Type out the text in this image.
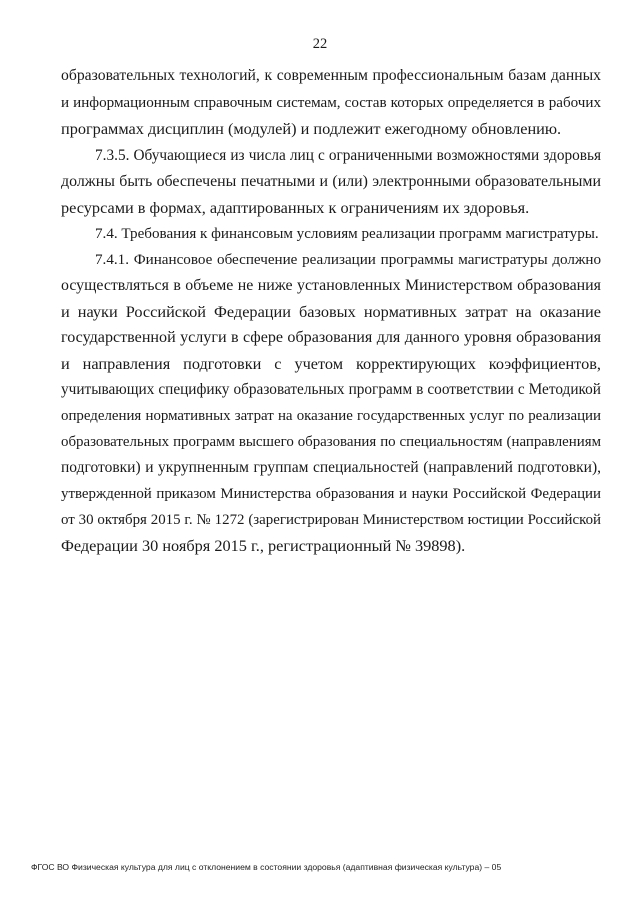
22
образовательных технологий, к современным профессиональным базам данных
и информационным справочным системам, состав которых определяется в рабочих
программах дисциплин (модулей) и подлежит ежегодному обновлению.
7.3.5. Обучающиеся из числа лиц с ограниченными возможностями здоровья
должны быть обеспечены печатными и (или) электронными образовательными
ресурсами в формах, адаптированных к ограничениям их здоровья.
7.4. Требования к финансовым условиям реализации программ магистратуры.
7.4.1. Финансовое обеспечение реализации программы магистратуры должно
осуществляться в объеме не ниже установленных Министерством образования
и науки Российской Федерации базовых нормативных затрат на оказание
государственной услуги в сфере образования для данного уровня образования
и направления подготовки с учетом корректирующих коэффициентов,
учитывающих специфику образовательных программ в соответствии с Методикой
определения нормативных затрат на оказание государственных услуг по реализации
образовательных программ высшего образования по специальностям (направлениям
подготовки) и укрупненным группам специальностей (направлений подготовки),
утвержденной приказом Министерства образования и науки Российской Федерации
от 30 октября 2015 г. № 1272 (зарегистрирован Министерством юстиции Российской
Федерации 30 ноября 2015 г., регистрационный № 39898).
ФГОС ВО Физическая культура для лиц с отклонением в состоянии здоровья (адаптивная физическая культура) – 05
